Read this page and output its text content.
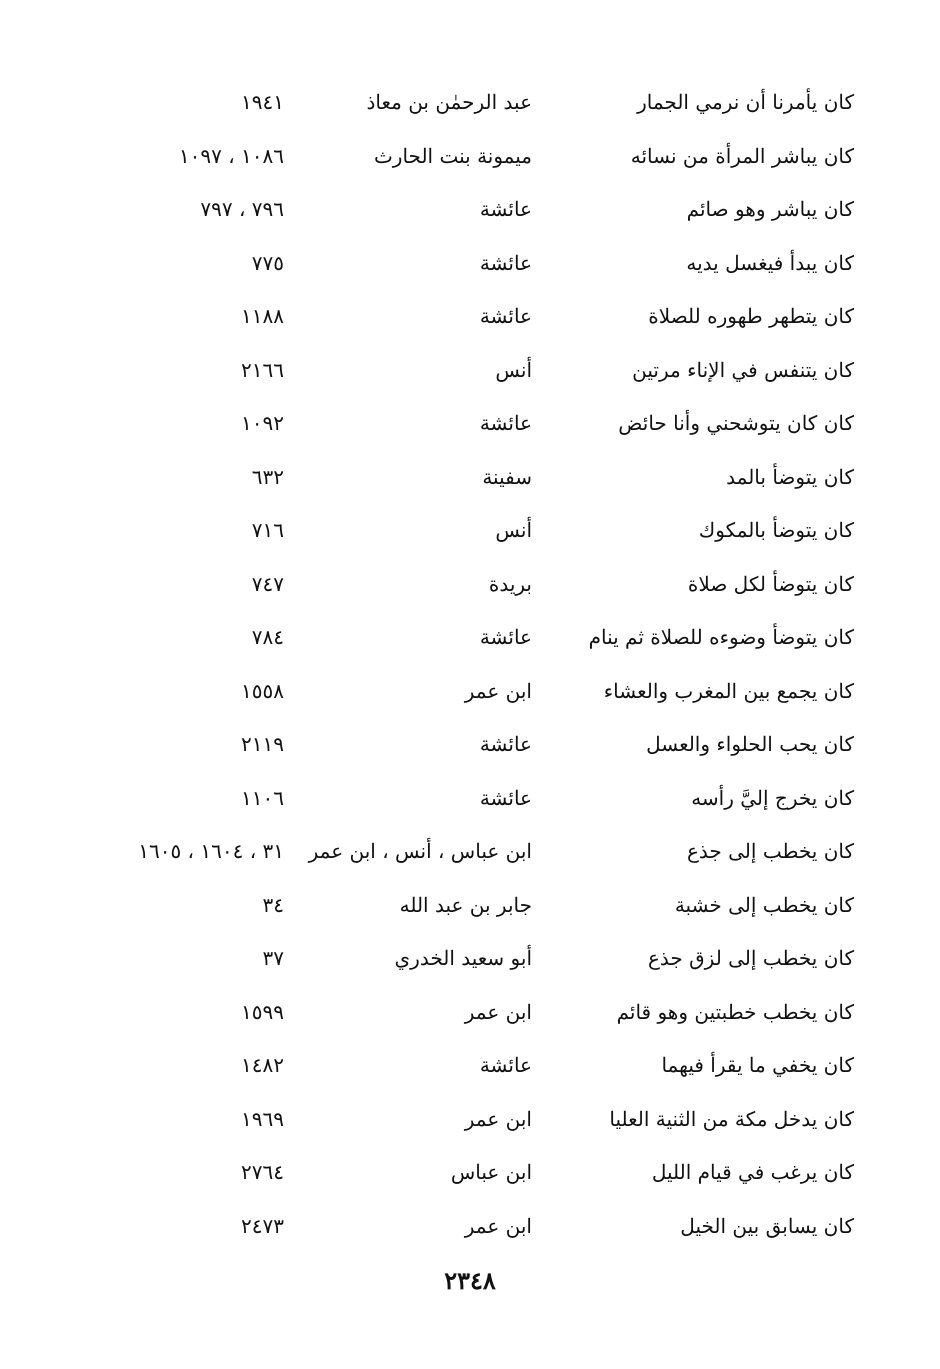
كان يأمرنا أن نرمي الجمار
عبد الرحمٰن بن معاذ
١٩٤١
كان يباشر المرأة من نسائه
ميمونة بنت الحارث
١٠٨٦ ، ١٠٩٧
كان يباشر وهو صائم
عائشة
٧٩٦ ، ٧٩٧
كان يبدأ فيغسل يديه
عائشة
٧٧٥
كان يتطهر طهوره للصلاة
عائشة
١١٨٨
كان يتنفس في الإناء مرتين
أنس
٢١٦٦
كان كان يتوشحني وأنا حائض
عائشة
١٠٩٢
كان يتوضأ بالمد
سفينة
٦٣٢
كان يتوضأ بالمكوك
أنس
٧١٦
كان يتوضأ لكل صلاة
بريدة
٧٤٧
كان يتوضأ وضوءه للصلاة ثم ينام
عائشة
٧٨٤
كان يجمع بين المغرب والعشاء
ابن عمر
١٥٥٨
كان يحب الحلواء والعسل
عائشة
٢١١٩
كان يخرج إليَّ رأسه
عائشة
١١٠٦
كان يخطب إلى جذع
ابن عباس ، أنس ، ابن عمر
٣١ ، ١٦٠٤ ، ١٦٠٥
كان يخطب إلى خشبة
جابر بن عبد الله
٣٤
كان يخطب إلى لزق جذع
أبو سعيد الخدري
٣٧
كان يخطب خطبتين وهو قائم
ابن عمر
١٥٩٩
كان يخفي ما يقرأ فيهما
عائشة
١٤٨٢
كان يدخل مكة من الثنية العليا
ابن عمر
١٩٦٩
كان يرغب في قيام الليل
ابن عباس
٢٧٦٤
كان يسابق بين الخيل
ابن عمر
٢٤٧٣
٢٣٤٨
